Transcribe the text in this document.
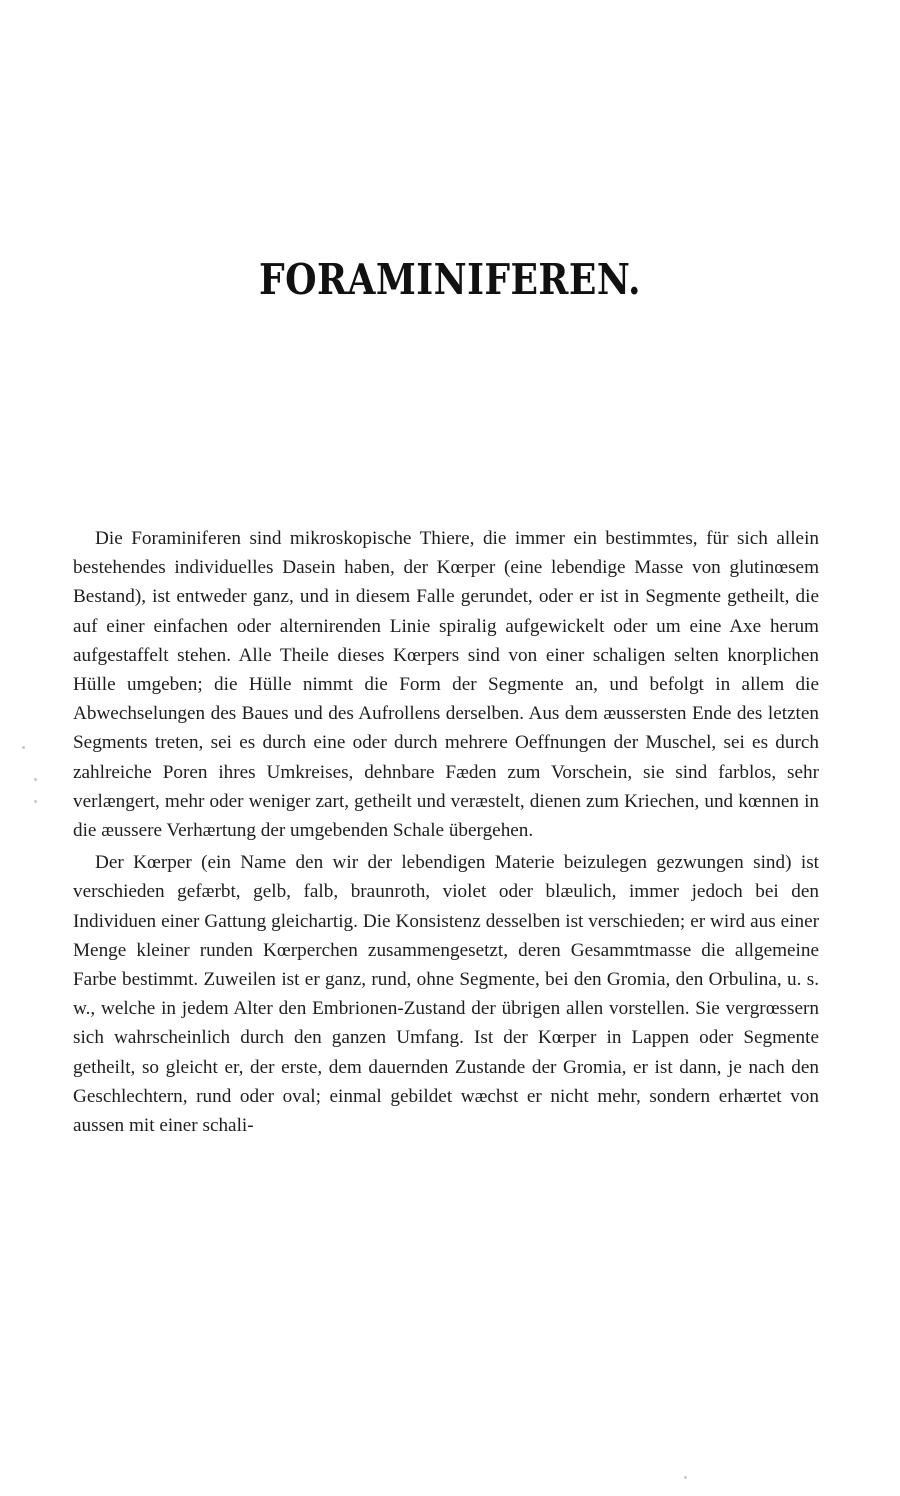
FORAMINIFEREN.

Die Foraminiferen sind mikroskopische Thiere, die immer ein bestimmtes, für sich allein bestehendes individuelles Dasein haben, der Kœrper (eine lebendige Masse von glutinœsem Bestand), ist entweder ganz, und in diesem Falle gerundet, oder er ist in Segmente getheilt, die auf einer einfachen oder alternirenden Linie spiralig aufgewickelt oder um eine Axe herum aufgestaffelt stehen. Alle Theile dieses Kœrpers sind von einer schaligen selten knorplichen Hülle umgeben; die Hülle nimmt die Form der Segmente an, und befolgt in allem die Abwechselungen des Baues und des Aufrollens derselben. Aus dem æussersten Ende des letzten Segments treten, sei es durch eine oder durch mehrere Oeffnungen der Muschel, sei es durch zahlreiche Poren ihres Umkreises, dehnbare Fæden zum Vorschein, sie sind farblos, sehr verlængert, mehr oder weniger zart, getheilt und veræstelt, dienen zum Kriechen, und kœnnen in die æussere Verhærtung der umgebenden Schale übergehen.

Der Kœrper (ein Name den wir der lebendigen Materie beizulegen gezwungen sind) ist verschieden gefærbt, gelb, falb, braunroth, violet oder blæulich, immer jedoch bei den Individuen einer Gattung gleichartig. Die Konsistenz desselben ist verschieden; er wird aus einer Menge kleiner runden Kœrperchen zusammengesetzt, deren Gesammtmasse die allgemeine Farbe bestimmt. Zuweilen ist er ganz, rund, ohne Segmente, bei den Gromia, den Orbulina, u. s. w., welche in jedem Alter den Embrionen-Zustand der übrigen allen vorstellen. Sie vergrœssern sich wahrscheinlich durch den ganzen Umfang. Ist der Kœrper in Lappen oder Segmente getheilt, so gleicht er, der erste, dem dauernden Zustande der Gromia, er ist dann, je nach den Geschlechtern, rund oder oval; einmal gebildet wæchst er nicht mehr, sondern erhærtet von aussen mit einer schali-
